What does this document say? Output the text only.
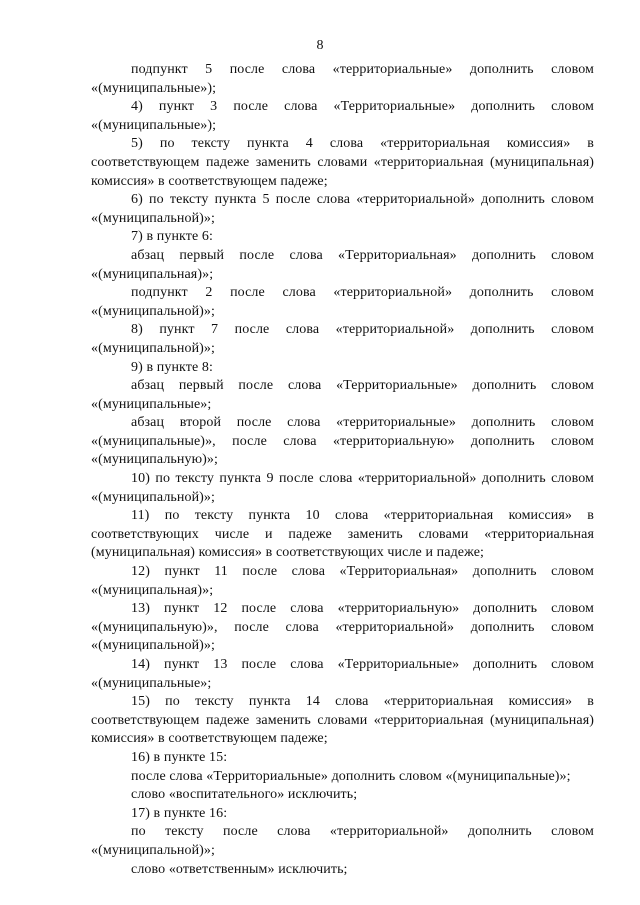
8

подпункт 5 после слова «территориальные» дополнить словом «(муниципальные»);

4) пункт 3 после слова «Территориальные» дополнить словом «(муниципальные»);

5) по тексту пункта 4 слова «территориальная комиссия» в соответствующем падеже заменить словами «территориальная (муниципальная) комиссия» в соответствующем падеже;

6) по тексту пункта 5 после слова «территориальной» дополнить словом «(муниципальной)»;

7) в пункте 6:

абзац первый после слова «Территориальная» дополнить словом «(муниципальная)»;

подпункт 2 после слова «территориальной» дополнить словом «(муниципальной)»;

8) пункт 7 после слова «территориальной» дополнить словом «(муниципальной)»;

9) в пункте 8:

абзац первый после слова «Территориальные» дополнить словом «(муниципальные»;

абзац второй после слова «территориальные» дополнить словом «(муниципальные)», после слова «территориальную» дополнить словом «(муниципальную)»;

10) по тексту пункта 9 после слова «территориальной» дополнить словом «(муниципальной)»;

11) по тексту пункта 10 слова «территориальная комиссия» в соответствующих числе и падеже заменить словами «территориальная (муниципальная) комиссия» в соответствующих числе и падеже;

12) пункт 11 после слова «Территориальная» дополнить словом «(муниципальная)»;

13) пункт 12 после слова «территориальную» дополнить словом «(муниципальную)», после слова «территориальной» дополнить словом «(муниципальной)»;

14) пункт 13 после слова «Территориальные» дополнить словом «(муниципальные»;

15) по тексту пункта 14 слова «территориальная комиссия» в соответствующем падеже заменить словами «территориальная (муниципальная) комиссия» в соответствующем падеже;

16) в пункте 15:

после слова «Территориальные» дополнить словом «(муниципальные)»;

слово «воспитательного» исключить;

17) в пункте 16:

по тексту после слова «территориальной» дополнить словом «(муниципальной)»;

слово «ответственным» исключить;
